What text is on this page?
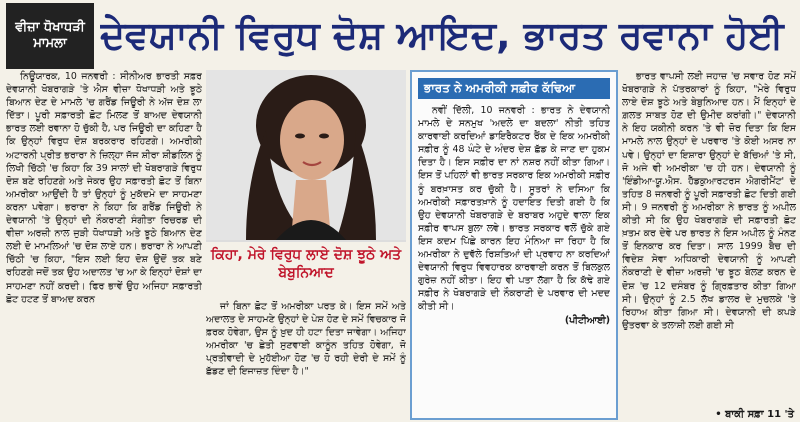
ਵੀਜ਼ਾ ਧੋਖਾਧੜੀ ਮਾਮਲਾ ਦੇਵਯਾਨੀ ਵਿਰੁਧ ਦੋਸ਼ ਆਇਦ, ਭਾਰਤ ਰਵਾਨਾ ਹੋਈ

ਨਿਊਯਾਰਕ, 10 ਜਨਵਰੀ : ਸੀਨੀਅਰ ਭਾਰਤੀ ਸਫ਼ਰ ਦੇਵਯਾਨੀ ਖੋਬਰਾਗੜੇ 'ਤੇ ਐਸ ਵੀਜ਼ਾ ਧੋਖਾਧੜੀ ਅਤੇ ਝੂਠੇ ਬਿਆਨ ਦੇਣ ਦੇ ਮਾਮਲੇ 'ਚ ਗਰੈਂਡ ਜਿਊਰੀ ਨੇ ਅੱਜ ਦੋਸ਼ ਲਾ ਦਿੱਤਾ। ਪੂਰੀ ਸਫ਼ਾਰਤੀ ਛੋਟ ਮਿਲਣ ਤੋਂ ਬਾਅਦ ਦੇਵਯਾਨੀ ਭਾਰਤ ਲਈ ਰਵਾਨਾ ਹੋ ਚੁੱਕੀ ਹੈ, ਪਰ ਜਿਊਰੀ ਦਾ ਕਹਿਣਾ ਹੈ ਕਿ ਉਨ੍ਹਾਂ ਵਿਰੁਧ ਦੋਸ਼ ਬਰਕਰਾਰ ਰਹਿਣਗੇ। ਅਮਰੀਕੀ ਅਟਾਰਨੀ ਪ੍ਰੀਤ ਭਰਾਰਾ ਨੇ ਜ਼ਿਲ੍ਹਾ ਜੱਜ ਸ਼ੀਰਾ ਸ਼ੀਡਲਿਨ ਨੂੰ ਲਿਖੀ ਚਿੱਠੀ 'ਚ ਕਿਹਾ ਕਿ 39 ਸਾਲਾਂ ਦੀ ਖੋਬਰਾਗੜੇ ਵਿਰੁਧ ਦੋਸ਼ ਬਣੇ ਰਹਿਣਗੇ ਅਤੇ ਜੇਕਰ ਉਹ ਸਫ਼ਾਰਤੀ ਛੋਟ ਤੋਂ ਬਿਨਾ ਅਮਰੀਕਾ ਆਉਂਦੀ ਹੈ ਤਾਂ ਉਨ੍ਹਾਂ ਨੂੰ ਮੁਕੱਦਮੇ ਦਾ ਸਾਹਮਣਾ ਕਰਨਾ ਪਵੇਗਾ। ਭਰਾਰਾ ਨੇ ਕਿਹਾ ਕਿ ਗਰੈਂਡ ਜਿਊਰੀ ਨੇ ਦੇਵਯਾਨੀ 'ਤੇ ਉਨ੍ਹਾਂ ਦੀ ਨੌਕਰਾਣੀ ਸੰਗੀਤਾ ਰਿਚਰਡ ਦੀ ਵੀਜ਼ਾ ਅਰਜ਼ੀ ਨਾਲ ਜੁੜੀ ਧੋਖਾਧੜੀ ਅਤੇ ਝੂਠੇ ਬਿਆਨ ਦੇਣ ਲਈ ਦੋ ਮਾਮਲਿਆਂ 'ਚ ਦੋਸ਼ ਲਾਏ ਹਨ। ਭਰਾਰਾ ਨੇ ਆਪਣੀ ਚਿੱਠੀ 'ਚ ਕਿਹਾ, "ਇਸ ਲਈ ਇਹ ਦੋਸ਼ ਉਦੋਂ ਤਕ ਬਣੇ ਰਹਿਣਗੇ ਜਦੋਂ ਤਕ ਉਹ ਅਦਾਲਤ 'ਚ ਆ ਕੇ ਇਨ੍ਹਾਂ ਦੋਸ਼ਾਂ ਦਾ ਸਾਹਮਣਾ ਨਹੀਂ ਕਰਦੀ। ਫਿਰ ਭਾਵੇਂ ਉਹ ਅਜਿਹਾ ਸਫ਼ਾਰਤੀ ਛੋਟ ਹਟਣ ਤੋਂ ਬਾਅਦ ਕਰਨ

ਕਿਹਾ, ਮੇਰੇ ਵਿਰੁਧ ਲਾਏ ਦੋਸ਼ ਝੂਠੇ ਅਤੇ ਬੇਬੁਨਿਆਦ

ਜਾਂ ਬਿਨਾ ਛੋਟ ਤੋਂ ਅਮਰੀਕਾ ਪਰਤ ਕੇ। ਇਸ ਸਮੇਂ ਅਤੇ ਅਦਾਲਤ ਦੇ ਸਾਹਮਣੇ ਉਨ੍ਹਾਂ ਦੇ ਪੇਸ਼ ਹੋਣ ਦੇ ਸਮੇਂ ਵਿਚਕਾਰ ਜੋ ਫ਼ਰਕ ਹੋਵੇਗਾ, ਉਸ ਨੂੰ ਖ਼ੁਦ ਹੀ ਹਟਾ ਦਿਤਾ ਜਾਵੇਗਾ। ਅਜਿਹਾ ਅਮਰੀਕਾ 'ਚ ਛੇਤੀ ਸੁਣਵਾਈ ਕਾਨੂੰਨ ਤਹਿਤ ਹੋਵੇਗਾ, ਜੋ ਪ੍ਰਤੀਵਾਦੀ ਦੇ ਮੁਹੱਈਆ ਹੋਣ 'ਚ ਹੋ ਰਹੀ ਦੇਰੀ ਦੇ ਸਮੇਂ ਨੂੰ ਛੱਡਣ ਦੀ ਇਜਾਜ਼ਤ ਦਿੰਦਾ ਹੈ।"

ਭਾਰਤ ਨੇ ਅਮਰੀਕੀ ਸਫ਼ੀਰ ਕੱਢਿਆ

ਨਵੀਂ ਦਿੱਲੀ, 10 ਜਨਵਰੀ : ਭਾਰਤ ਨੇ ਦੇਵਯਾਨੀ ਮਾਮਲੇ ਦੇ ਸਨਮੁਖ 'ਅਦਲੇ ਦਾ ਬਦਲਾ' ਨੀਤੀ ਤਹਿਤ ਕਾਰਵਾਈ ਕਰਦਿਆਂ ਡਾਇਰੈਕਟਰ ਰੈਂਕ ਦੇ ਇਕ ਅਮਰੀਕੀ ਸਫ਼ੀਰ ਨੂੰ 48 ਘੰਟੇ ਦੇ ਅੰਦਰ ਦੇਸ਼ ਛੱਡ ਕੇ ਜਾਣ ਦਾ ਹੁਕਮ ਦਿਤਾ ਹੈ। ਇਸ ਸਫ਼ੀਰ ਦਾ ਨਾਂ ਨਸ਼ਰ ਨਹੀਂ ਕੀਤਾ ਗਿਆ। ਇਸ ਤੋਂ ਪਹਿਲਾਂ ਵੀ ਭਾਰਤ ਸਰਕਾਰ ਇਕ ਅਮਰੀਕੀ ਸਫ਼ੀਰ ਨੂੰ ਬਰਖ਼ਾਸਤ ਕਰ ਚੁੱਕੀ ਹੈ। ਸੂਤਰਾਂ ਨੇ ਦਸਿਆ ਕਿ ਅਮਰੀਕੀ ਸਫ਼ਾਰਤਖ਼ਾਨੇ ਨੂੰ ਹਦਾਇਤ ਦਿਤੀ ਗਈ ਹੈ ਕਿ ਉਹ ਦੇਵਯਾਨੀ ਖੋਬਰਾਗੜੇ ਦੇ ਬਰਾਬਰ ਅਹੁਦੇ ਵਾਲਾ ਇਕ ਸਫ਼ੀਰ ਵਾਪਸ ਬੁਲਾ ਲਵੇ। ਭਾਰਤ ਸਰਕਾਰ ਵਲੋਂ ਚੁੱਕੇ ਗਏ ਇਸ ਕਦਮ ਪਿੱਛੇ ਕਾਰਨ ਇਹ ਮੰਨਿਆ ਜਾ ਰਿਹਾ ਹੈ ਕਿ ਅਮਰੀਕਾ ਨੇ ਦੁਵੱਲੇ ਰਿਸ਼ਤਿਆਂ ਦੀ ਪ੍ਰਵਾਹ ਨਾ ਕਰਦਿਆਂ ਦੇਵਯਾਨੀ ਵਿਰੁਧ ਵਿਵਹਾਰਕ ਕਾਰਵਾਈ ਕਰਨ ਤੋਂ ਬਿਲਕੁਲ ਗੁਰੇਜ਼ ਨਹੀਂ ਕੀਤਾ। ਇਹ ਵੀ ਪਤਾ ਲੱਗਾ ਹੈ ਕਿ ਕੱਢੇ ਗਏ ਸਫ਼ੀਰ ਨੇ ਖੋਬਰਾਗੜੇ ਦੀ ਨੌਕਰਾਣੀ ਦੇ ਪਰਵਾਰ ਦੀ ਮਦਦ ਕੀਤੀ ਸੀ।

(ਪੀਟੀਆਈ)

ਭਾਰਤ ਵਾਪਸੀ ਲਈ ਜਹਾਜ਼ 'ਚ ਸਵਾਰ ਹੋਣ ਸਮੇਂ ਖੋਬਰਾਗੜੇ ਨੇ ਪੱਤਰਕਾਰਾਂ ਨੂੰ ਕਿਹਾ, "ਮੇਰੇ ਵਿਰੁਧ ਲਾਏ ਦੋਸ਼ ਝੂਠੇ ਅਤੇ ਬੇਬੁਨਿਆਦ ਹਨ। ਮੈਂ ਇਨ੍ਹਾਂ ਦੇ ਗ਼ਲਤ ਸਾਬਤ ਹੋਣ ਦੀ ਉਮੀਦ ਕਰਾਂਗੀ।" ਦੇਵਯਾਨੀ ਨੇ ਇਹ ਯਕੀਨੀ ਕਰਨ 'ਤੇ ਵੀ ਜ਼ੋਰ ਦਿਤਾ ਕਿ ਇਸ ਮਾਮਲੇ ਨਾਲ ਉਨ੍ਹਾਂ ਦੇ ਪਰਵਾਰ 'ਤੇ ਕੋਈ ਅਸਰ ਨਾ ਪਵੇ। ਉਨ੍ਹਾਂ ਦਾ ਇਸ਼ਾਰਾ ਉਨ੍ਹਾਂ ਦੇ ਬੱਚਿਆਂ 'ਤੇ ਸੀ, ਜੋ ਅਜੇ ਵੀ ਅਮਰੀਕਾ 'ਚ ਹੀ ਹਨ। ਦੇਵਯਾਨੀ ਨੂੰ 'ਇੰਡੀਆ-ਯੂ.ਐਸ. ਹੈੱਡਕੁਆਰਟਰਸ ਐਗਰੀਮੈਂਟ' ਦੇ ਤਹਿਤ 8 ਜਨਵਰੀ ਨੂੰ ਪੂਰੀ ਸਫ਼ਾਰਤੀ ਛੋਟ ਦਿਤੀ ਗਈ ਸੀ। 9 ਜਨਵਰੀ ਨੂੰ ਅਮਰੀਕਾ ਨੇ ਭਾਰਤ ਨੂੰ ਅਪੀਲ ਕੀਤੀ ਸੀ ਕਿ ਉਹ ਖੋਬਰਾਗੜੇ ਦੀ ਸਫ਼ਾਰਤੀ ਛੋਟ ਖ਼ਤਮ ਕਰ ਦੇਵੇ ਪਰ ਭਾਰਤ ਨੇ ਇਸ ਅਪੀਲ ਨੂੰ ਮੰਨਣ ਤੋਂ ਇਨਕਾਰ ਕਰ ਦਿਤਾ। ਸਾਲ 1999 ਬੈਚ ਦੀ ਵਿਦੇਸ਼ ਸੇਵਾ ਅਧਿਕਾਰੀ ਦੇਵਯਾਨੀ ਨੂੰ ਆਪਣੀ ਨੌਕਰਾਣੀ ਦੇ ਵੀਜ਼ਾ ਅਰਜ਼ੀ 'ਚ ਝੂਠ ਬੋਲਣ ਕਰਨ ਦੇ ਦੋਸ਼ 'ਚ 12 ਦਸੰਬਰ ਨੂੰ ਗ੍ਰਿਫ਼ਤਾਰ ਕੀਤਾ ਗਿਆ ਸੀ। ਉਨ੍ਹਾਂ ਨੂੰ 2.5 ਲੱਖ ਡਾਲਰ ਦੇ ਮੁਚਲਕੇ 'ਤੇ ਰਿਹਾਅ ਕੀਤਾ ਗਿਆ ਸੀ। ਦੇਵਯਾਨੀ ਦੀ ਕਪੜੇ ਉਤਰਵਾ ਕੇ ਤਲਾਸ਼ੀ ਲਈ ਗਈ ਸੀ

• ਬਾਕੀ ਸਫ਼ਾ 11 'ਤੇ
